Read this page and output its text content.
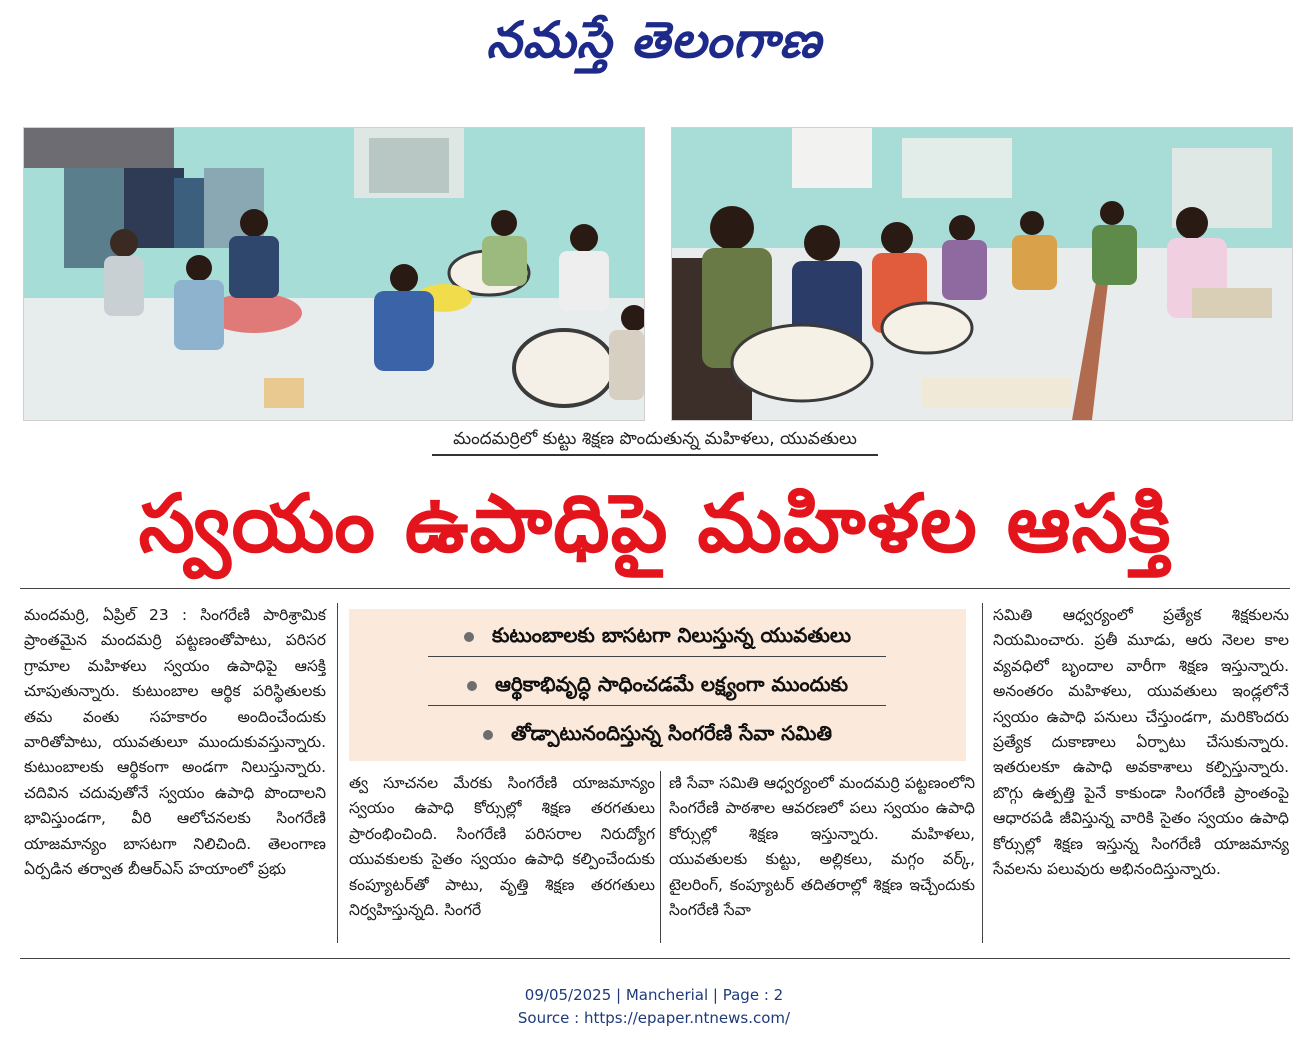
నమస్తే తెలంగాణ
మందమర్రిలో కుట్టు శిక్షణ పొందుతున్న మహిళలు, యువతులు
స్వయం ఉపాధిపై మహిళల ఆసక్తి

మందమర్రి, ఏప్రిల్ 23 : సింగరేణి పారిశ్రామిక ప్రాంతమైన మందమర్రి పట్టణంతోపాటు, పరిసర గ్రామాల మహిళలు స్వయం ఉపాధిపై ఆసక్తి చూపుతున్నారు. కుటుంబాల ఆర్థిక పరిస్థితులకు తమ వంతు సహకారం అందించేందుకు వారితోపాటు, యువతులూ ముందుకువస్తున్నారు. కుటుంబాలకు ఆర్థికంగా అండగా నిలుస్తున్నారు. చదివిన చదువుతోనే స్వయం ఉపాధి పొందాలని భావిస్తుండగా, వీరి ఆలోచనలకు సింగరేణి యాజమాన్యం బాసటగా నిలిచింది. తెలంగాణ ఏర్పడిన తర్వాత బీఆర్ఎస్ హయాంలో ప్రభు

కుటుంబాలకు బాసటగా నిలుస్తున్న యువతులు
ఆర్థికాభివృద్ధి సాధించడమే లక్ష్యంగా ముందుకు
తోడ్పాటునందిస్తున్న సింగరేణి సేవా సమితి

త్వ సూచనల మేరకు సింగరేణి యాజమాన్యం స్వయం ఉపాధి కోర్సుల్లో శిక్షణ తరగతులు ప్రారంభించింది. సింగరేణి పరిసరాల నిరుద్యోగ యువకులకు సైతం స్వయం ఉపాధి కల్పించేందుకు కంప్యూటర్‌తో పాటు, వృత్తి శిక్షణ తరగతులు నిర్వహిస్తున్నది. సింగరే

ణి సేవా సమితి ఆధ్వర్యంలో మందమర్రి పట్టణంలోని సింగరేణి పాఠశాల ఆవరణలో పలు స్వయం ఉపాధి కోర్సుల్లో శిక్షణ ఇస్తున్నారు. మహిళలు, యువతులకు కుట్టు, అల్లికలు, మగ్గం వర్క్, టైలరింగ్, కంప్యూటర్ తదితరాల్లో శిక్షణ ఇచ్చేందుకు సింగరేణి సేవా

సమితి ఆధ్వర్యంలో ప్రత్యేక శిక్షకులను నియమించారు. ప్రతీ మూడు, ఆరు నెలల కాల వ్యవధిలో బృందాల వారీగా శిక్షణ ఇస్తున్నారు. అనంతరం మహిళలు, యువతులు ఇండ్లలోనే స్వయం ఉపాధి పనులు చేస్తుండగా, మరికొందరు ప్రత్యేక దుకాణాలు ఏర్పాటు చేసుకున్నారు. ఇతరులకూ ఉపాధి అవకాశాలు కల్పిస్తున్నారు. బొగ్గు ఉత్పత్తి పైనే కాకుండా సింగరేణి ప్రాంతంపై ఆధారపడి జీవిస్తున్న వారికి సైతం స్వయం ఉపాధి కోర్సుల్లో శిక్షణ ఇస్తున్న సింగరేణి యాజమాన్య సేవలను పలువురు అభినందిస్తున్నారు.

09/05/2025 | Mancherial | Page : 2
Source : https://epaper.ntnews.com/
